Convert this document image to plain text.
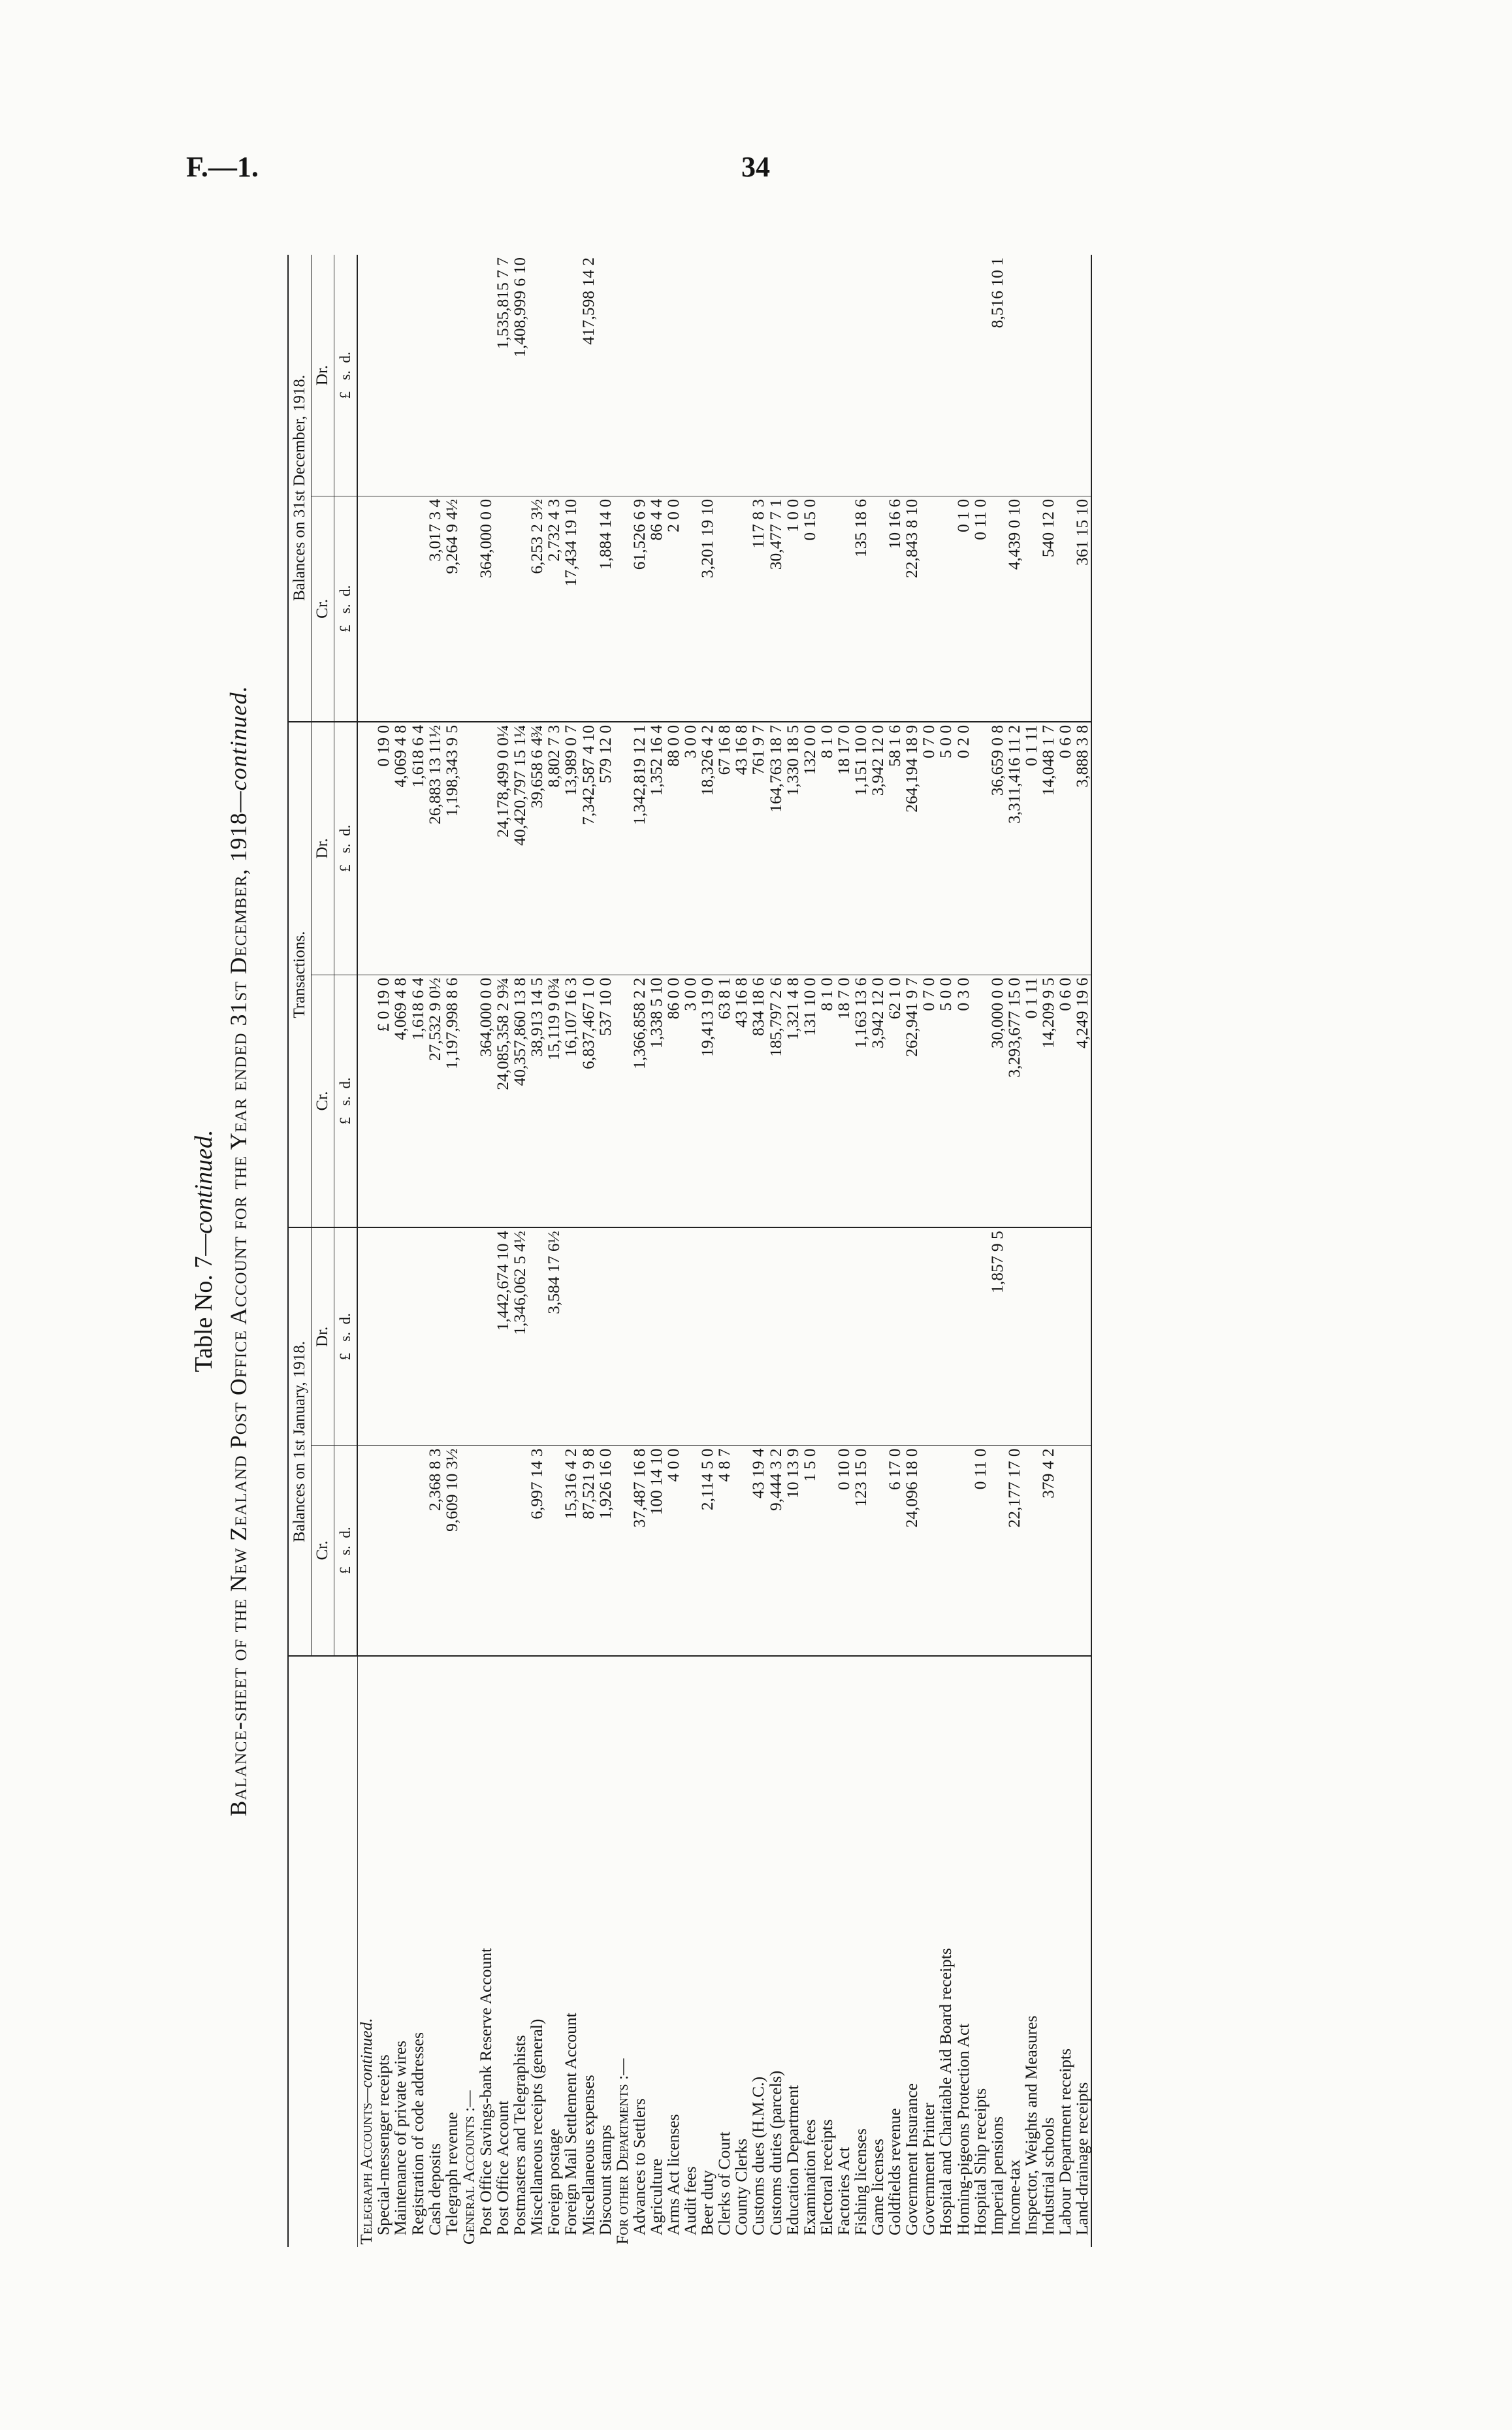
F.—1.	34
Table No. 7—continued. Balance-sheet of the New Zealand Post Office Account for the Year ended 31st December, 1918—continued.
	Balances on 1st January, 1918.		Transactions.		Balances on 31st December, 1918.	
	Cr.	Dr.	Cr.	Dr.	Cr.	Dr.
	£   s.  d.	£   s.  d.	£   s.  d.	£   s.  d.	£   s.  d.	£   s.  d.
Telegraph Accounts—continued.						
Special-messenger receipts			£ 0 19 0	0 19 0		
Maintenance of private wires			4,069 4 8	4,069 4 8		
Registration of code addresses			1,618 6 4	1,618 6 4		
Cash deposits	2,368 8 3		27,532 9 0½	26,883 13 11½	3,017 3 4	
Telegraph revenue	9,609 10 3½		1,197,998 8 6	1,198,343 9 5	9,264 9 4½	
General Accounts :—						
Post Office Savings-bank Reserve Account			364,000 0 0		364,000 0 0	
Post Office Account		1,442,674 10 4	24,085,358 2 9¾	24,178,499 0 0¼		1,535,815 7 7
Postmasters and Telegraphists		1,346,062 5 4½	40,357,860 13 8	40,420,797 15 1¼		1,408,999 6 10
Miscellaneous receipts (general)	6,997 14 3		38,913 14 5	39,658 6 4¾	6,253 2 3½	
Foreign postage		3,584 17 6½	15,119 9 0¾	8,802 7 3	2,732 4 3	
Foreign Mail Settlement Account	15,316 4 2		16,107 16 3	13,989 0 7	17,434 19 10	
Miscellaneous expenses	87,521 9 8		6,837,467 1 0	7,342,587 4 10		417,598 14 2
Discount stamps	1,926 16 0		537 10 0	579 12 0	1,884 14 0	
For other Departments :—						
Advances to Settlers	37,487 16 8		1,366,858 2 2	1,342,819 12 1	61,526 6 9	
Agriculture	100 14 10		1,338 5 10	1,352 16 4	86 4 4	
Arms Act licenses	4 0 0		86 0 0	88 0 0	2 0 0	
Audit fees			3 0 0	3 0 0		
Beer duty	2,114 5 0		19,413 19 0	18,326 4 2	3,201 19 10	
Clerks of Court	4 8 7		63 8 1	67 16 8		
County Clerks			43 16 8	43 16 8		
Customs dues (H.M.C.)	43 19 4		834 18 6	761 9 7	117 8 3	
Customs duties (parcels)	9,444 3 2		185,797 2 6	164,763 18 7	30,477 7 1	
Education Department	10 13 9		1,321 4 8	1,330 18 5	1 0 0	
Examination fees	1 5 0		131 10 0	132 0 0	0 15 0	
Electoral receipts			8 1 0	8 1 0		
Factories Act	0 10 0		18 7 0	18 17 0		
Fishing licenses	123 15 0		1,163 13 6	1,151 10 0	135 18 6	
Game licenses			3,942 12 0	3,942 12 0		
Goldfields revenue	6 17 0		62 1 0	58 1 6	10 16 6	
Government Insurance	24,096 18 0		262,941 9 7	264,194 18 9	22,843 8 10	
Government Printer			0 7 0	0 7 0		
Hospital and Charitable Aid Board receipts			5 0 0	5 0 0		
Homing-pigeons Protection Act			0 3 0	0 2 0	0 1 0	
Hospital Ship receipts	0 11 0				0 11 0	
Imperial pensions		1,857 9 5	30,000 0 0	36,659 0 8		8,516 10 1
Income-tax	22,177 17 0		3,293,677 15 0	3,311,416 11 2	4,439 0 10	
Inspector, Weights and Measures			0 1 11	0 1 11		
Industrial schools	379 4 2		14,209 9 5	14,048 1 7	540 12 0	
Labour Department receipts			0 6 0	0 6 0		
Land-drainage receipts			4,249 19 6	3,888 3 8	361 15 10	
